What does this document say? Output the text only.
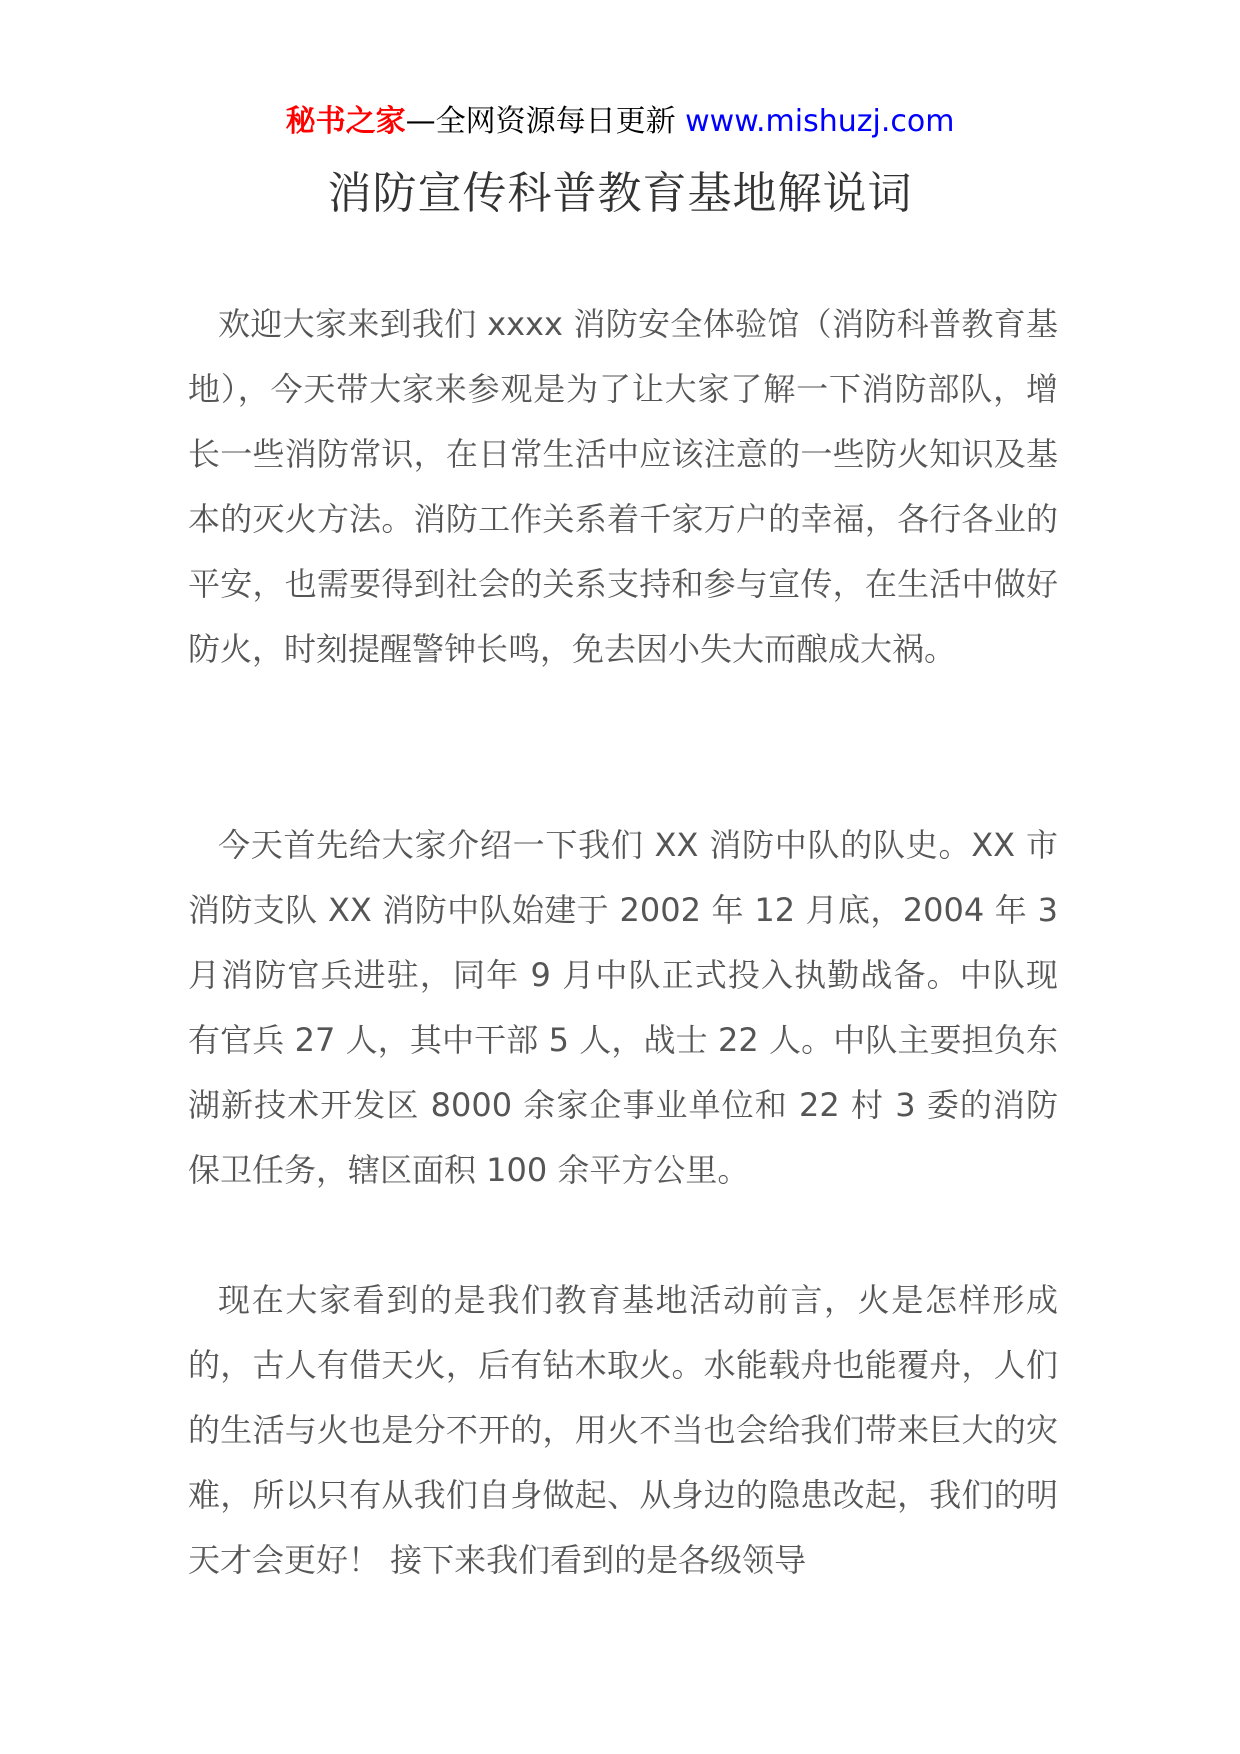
秘书之家—全网资源每日更新 www.mishuzj.com
消防宣传科普教育基地解说词

欢迎大家来到我们 xxxx 消防安全体验馆（消防科普教育基地），今天带大家来参观是为了让大家了解一下消防部队，增长一些消防常识，在日常生活中应该注意的一些防火知识及基本的灭火方法。消防工作关系着千家万户的幸福，各行各业的平安，也需要得到社会的关系支持和参与宣传，在生活中做好防火，时刻提醒警钟长鸣，免去因小失大而酿成大祸。

今天首先给大家介绍一下我们 XX 消防中队的队史。XX 市消防支队 XX 消防中队始建于 2002 年 12 月底，2004 年 3 月消防官兵进驻，同年 9 月中队正式投入执勤战备。中队现有官兵 27 人，其中干部 5 人，战士 22 人。中队主要担负东湖新技术开发区 8000 余家企事业单位和 22 村 3 委的消防保卫任务，辖区面积 100 余平方公里。

现在大家看到的是我们教育基地活动前言，火是怎样形成的，古人有借天火，后有钻木取火。水能载舟也能覆舟，人们的生活与火也是分不开的，用火不当也会给我们带来巨大的灾难，所以只有从我们自身做起、从身边的隐患改起，我们的明天才会更好！ 接下来我们看到的是各级领导
